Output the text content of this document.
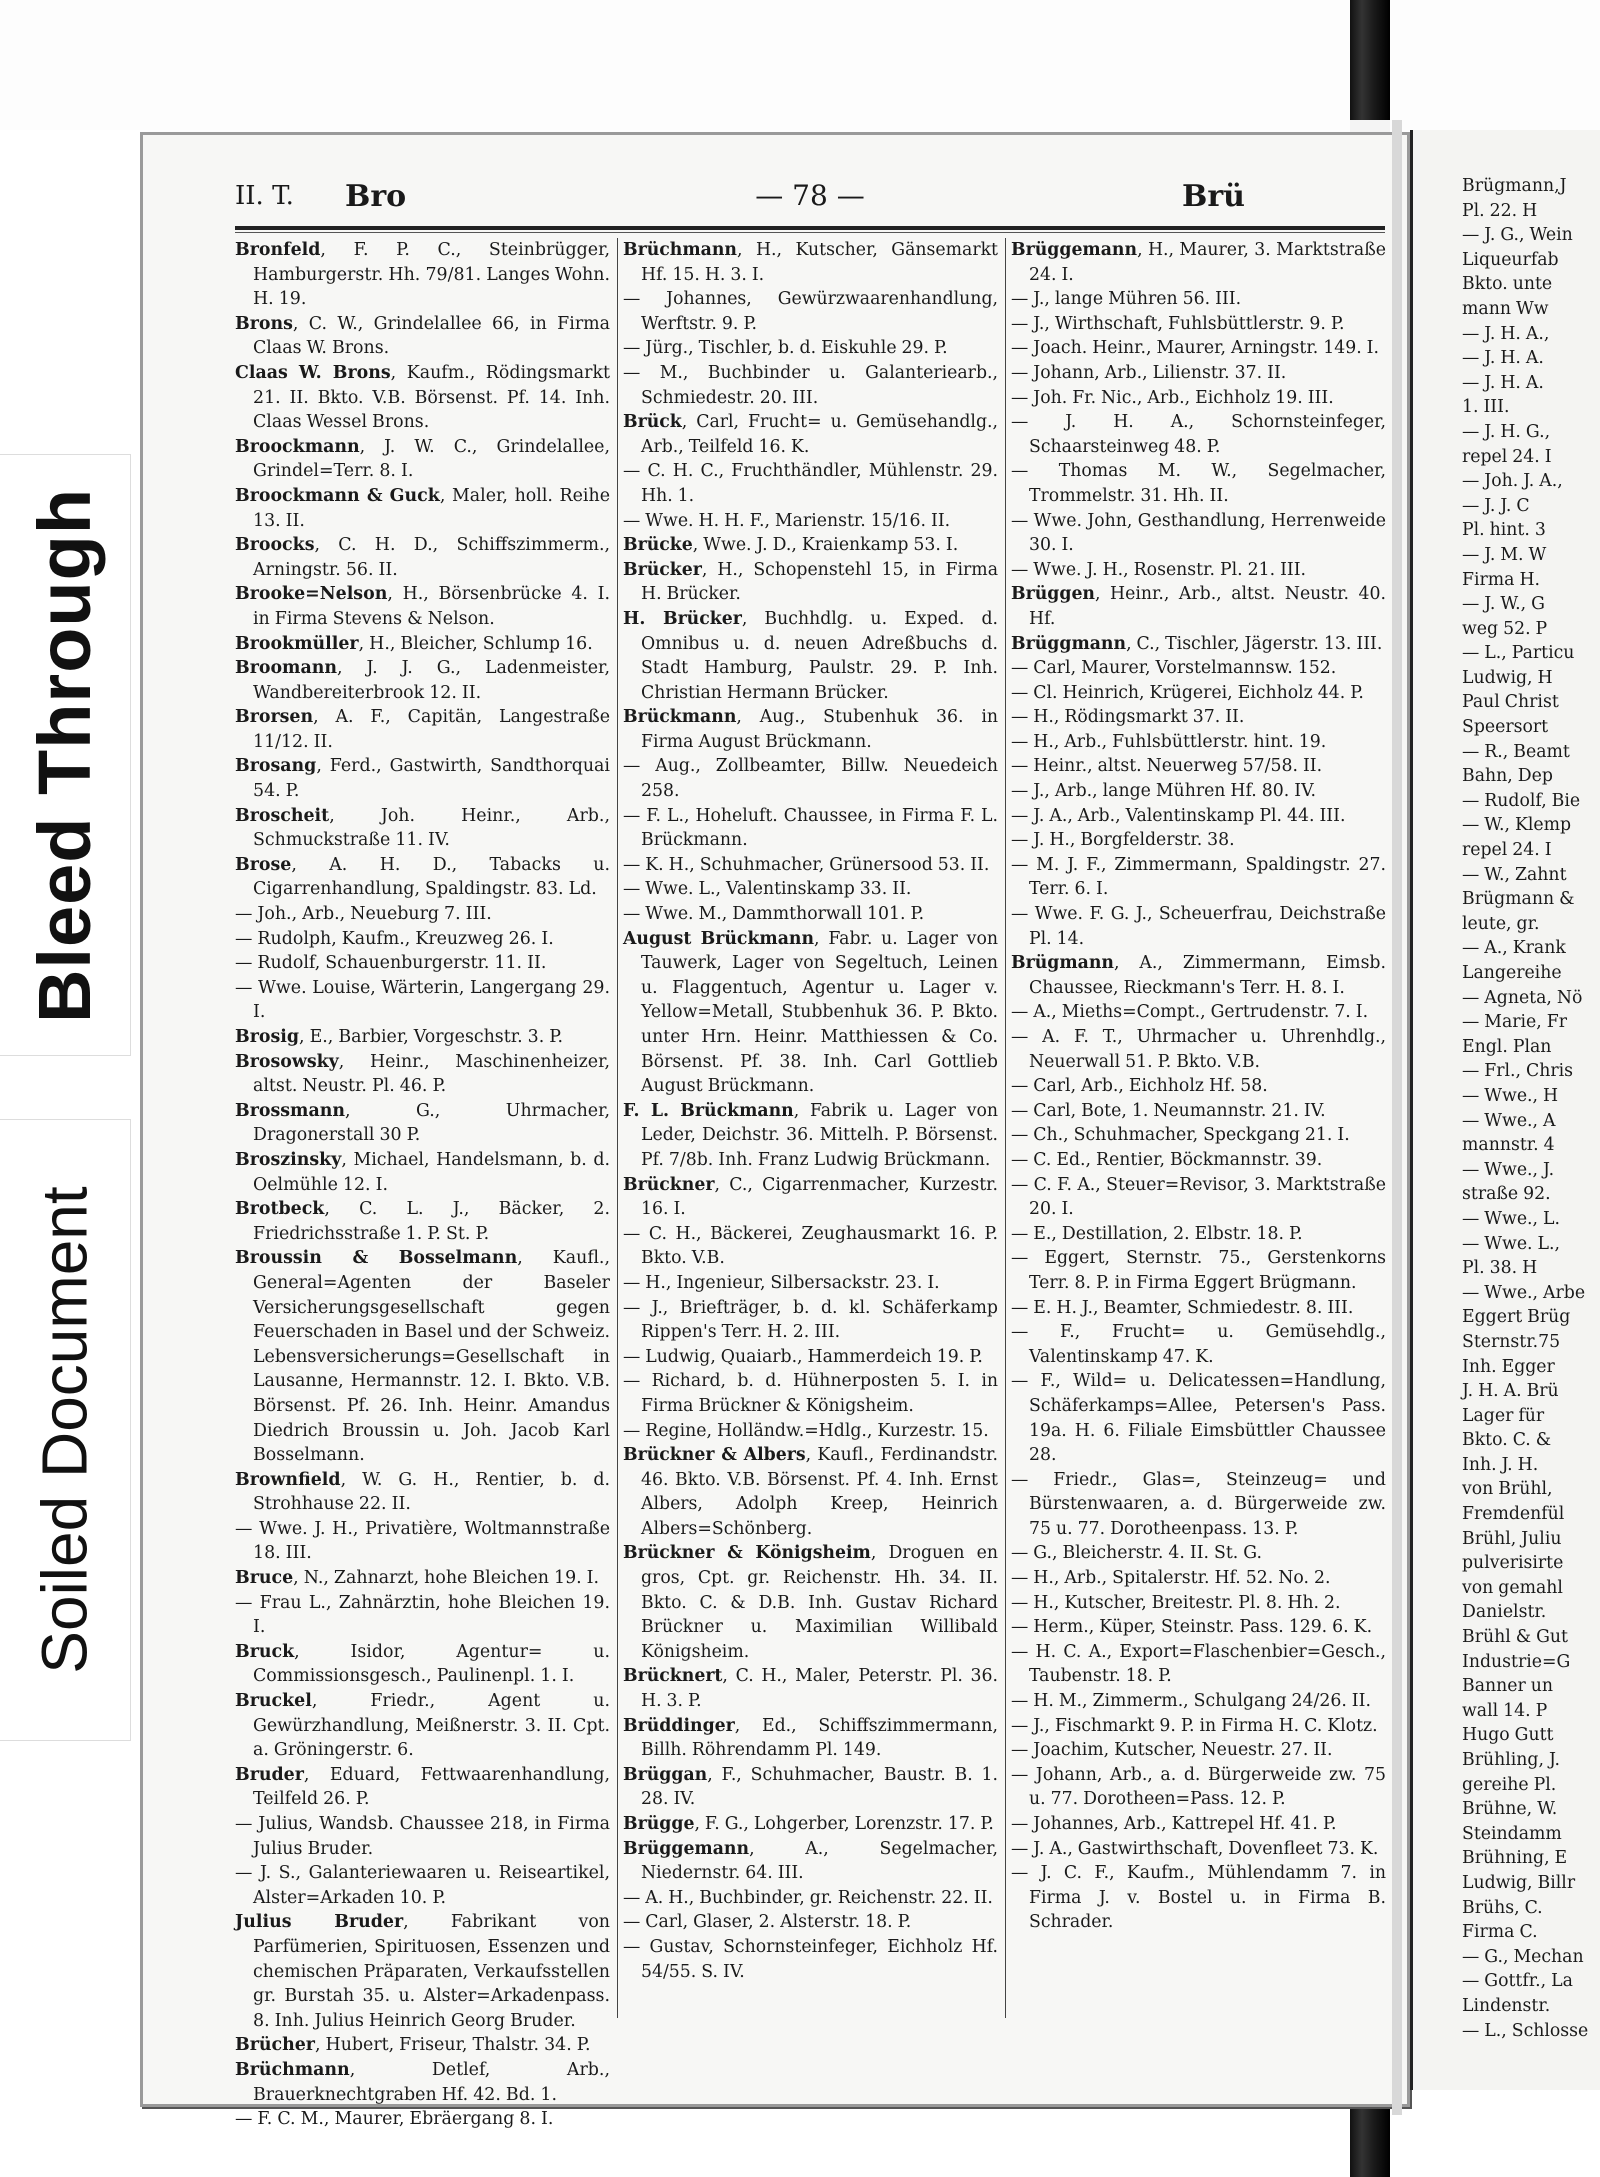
II. T. Bro	— 78 —	Brü

Bronfeld, F. P. C., Steinbrügger, Hamburgerstr. Hh. 79/81. Langes Wohn. H. 19.

Brons, C. W., Grindelallee 66, in Firma Claas W. Brons.

Claas W. Brons, Kaufm., Rödingsmarkt 21. II. Bkto. V.B. Börsenst. Pf. 14. Inh. Claas Wessel Brons.

Broockmann, J. W. C., Grindelallee, Grindel=Terr. 8. I.

Broockmann & Guck, Maler, holl. Reihe 13. II.

Broocks, C. H. D., Schiffszimmerm., Arningstr. 56. II.

Brooke=Nelson, H., Börsenbrücke 4. I. in Firma Stevens & Nelson.

Brookmüller, H., Bleicher, Schlump 16.

Broomann, J. J. G., Ladenmeister, Wandbereiterbrook 12. II.

Brorsen, A. F., Capitän, Langestraße 11/12. II.

Brosang, Ferd., Gastwirth, Sandthorquai 54. P.

Broscheit, Joh. Heinr., Arb., Schmuckstraße 11. IV.

Brose, A. H. D., Tabacks u. Cigarrenhandlung, Spaldingstr. 83. Ld.

— Joh., Arb., Neueburg 7. III.

— Rudolph, Kaufm., Kreuzweg 26. I.

— Rudolf, Schauenburgerstr. 11. II.

— Wwe. Louise, Wärterin, Langergang 29. I.

Brosig, E., Barbier, Vorgeschstr. 3. P.

Brosowsky, Heinr., Maschinenheizer, altst. Neustr. Pl. 46. P.

Brossmann, G., Uhrmacher, Dragonerstall 30 P.

Broszinsky, Michael, Handelsmann, b. d. Oelmühle 12. I.

Brotbeck, C. L. J., Bäcker, 2. Friedrichsstraße 1. P. St. P.

Broussin & Bosselmann, Kaufl., General=Agenten der Baseler Versicherungsgesellschaft gegen Feuerschaden in Basel und der Schweiz. Lebensversicherungs=Gesellschaft in Lausanne, Hermannstr. 12. I. Bkto. V.B. Börsenst. Pf. 26. Inh. Heinr. Amandus Diedrich Broussin u. Joh. Jacob Karl Bosselmann.

Brownfield, W. G. H., Rentier, b. d. Strohhause 22. II.

— Wwe. J. H., Privatière, Woltmannstraße 18. III.

Bruce, N., Zahnarzt, hohe Bleichen 19. I.

— Frau L., Zahnärztin, hohe Bleichen 19. I.

Bruck, Isidor, Agentur= u. Commissionsgesch., Paulinenpl. 1. I.

Bruckel, Friedr., Agent u. Gewürzhandlung, Meißnerstr. 3. II. Cpt. a. Gröningerstr. 6.

Bruder, Eduard, Fettwaarenhandlung, Teilfeld 26. P.

— Julius, Wandsb. Chaussee 218, in Firma Julius Bruder.

— J. S., Galanteriewaaren u. Reiseartikel, Alster=Arkaden 10. P.

Julius Bruder, Fabrikant von Parfümerien, Spirituosen, Essenzen und chemischen Präparaten, Verkaufsstellen gr. Burstah 35. u. Alster=Arkadenpass. 8. Inh. Julius Heinrich Georg Bruder.

Brücher, Hubert, Friseur, Thalstr. 34. P.

Brüchmann, Detlef, Arb., Brauerknechtgraben Hf. 42. Bd. 1.

— F. C. M., Maurer, Ebräergang 8. I.

Brüchmann, H., Kutscher, Gänsemarkt Hf. 15. H. 3. I.

— Johannes, Gewürzwaarenhandlung, Werftstr. 9. P.

— Jürg., Tischler, b. d. Eiskuhle 29. P.

— M., Buchbinder u. Galanteriearb., Schmiedestr. 20. III.

Brück, Carl, Frucht= u. Gemüsehandlg., Arb., Teilfeld 16. K.

— C. H. C., Fruchthändler, Mühlenstr. 29. Hh. 1.

— Wwe. H. H. F., Marienstr. 15/16. II.

Brücke, Wwe. J. D., Kraienkamp 53. I.

Brücker, H., Schopenstehl 15, in Firma H. Brücker.

H. Brücker, Buchhdlg. u. Exped. d. Omnibus u. d. neuen Adreßbuchs d. Stadt Hamburg, Paulstr. 29. P. Inh. Christian Hermann Brücker.

Brückmann, Aug., Stubenhuk 36. in Firma August Brückmann.

— Aug., Zollbeamter, Billw. Neuedeich 258.

— F. L., Hoheluft. Chaussee, in Firma F. L. Brückmann.

— K. H., Schuhmacher, Grünersood 53. II.

— Wwe. L., Valentinskamp 33. II.

— Wwe. M., Dammthorwall 101. P.

August Brückmann, Fabr. u. Lager von Tauwerk, Lager von Segeltuch, Leinen u. Flaggentuch, Agentur u. Lager v. Yellow=Metall, Stubbenhuk 36. P. Bkto. unter Hrn. Heinr. Matthiessen & Co. Börsenst. Pf. 38. Inh. Carl Gottlieb August Brückmann.

F. L. Brückmann, Fabrik u. Lager von Leder, Deichstr. 36. Mittelh. P. Börsenst. Pf. 7/8b. Inh. Franz Ludwig Brückmann.

Brückner, C., Cigarrenmacher, Kurzestr. 16. I.

— C. H., Bäckerei, Zeughausmarkt 16. P. Bkto. V.B.

— H., Ingenieur, Silbersackstr. 23. I.

— J., Briefträger, b. d. kl. Schäferkamp Rippen's Terr. H. 2. III.

— Ludwig, Quaiarb., Hammerdeich 19. P.

— Richard, b. d. Hühnerposten 5. I. in Firma Brückner & Königsheim.

— Regine, Holländw.=Hdlg., Kurzestr. 15.

Brückner & Albers, Kaufl., Ferdinandstr. 46. Bkto. V.B. Börsenst. Pf. 4. Inh. Ernst Albers, Adolph Kreep, Heinrich Albers=Schönberg.

Brückner & Königsheim, Droguen en gros, Cpt. gr. Reichenstr. Hh. 34. II. Bkto. C. & D.B. Inh. Gustav Richard Brückner u. Maximilian Willibald Königsheim.

Brücknert, C. H., Maler, Peterstr. Pl. 36. H. 3. P.

Brüddinger, Ed., Schiffszimmermann, Billh. Röhrendamm Pl. 149.

Brüggan, F., Schuhmacher, Baustr. B. 1. 28. IV.

Brügge, F. G., Lohgerber, Lorenzstr. 17. P.

Brüggemann, A., Segelmacher, Niedernstr. 64. III.

— A. H., Buchbinder, gr. Reichenstr. 22. II.

— Carl, Glaser, 2. Alsterstr. 18. P.

— Gustav, Schornsteinfeger, Eichholz Hf. 54/55. S. IV.

Brüggemann, H., Maurer, 3. Marktstraße 24. I.

— J., lange Mühren 56. III.

— J., Wirthschaft, Fuhlsbüttlerstr. 9. P.

— Joach. Heinr., Maurer, Arningstr. 149. I.

— Johann, Arb., Lilienstr. 37. II.

— Joh. Fr. Nic., Arb., Eichholz 19. III.

— J. H. A., Schornsteinfeger, Schaarsteinweg 48. P.

— Thomas M. W., Segelmacher, Trommelstr. 31. Hh. II.

— Wwe. John, Gesthandlung, Herrenweide 30. I.

— Wwe. J. H., Rosenstr. Pl. 21. III.

Brüggen, Heinr., Arb., altst. Neustr. 40. Hf.

Brüggmann, C., Tischler, Jägerstr. 13. III.

— Carl, Maurer, Vorstelmannsw. 152.

— Cl. Heinrich, Krügerei, Eichholz 44. P.

— H., Rödingsmarkt 37. II.

— H., Arb., Fuhlsbüttlerstr. hint. 19.

— Heinr., altst. Neuerweg 57/58. II.

— J., Arb., lange Mühren Hf. 80. IV.

— J. A., Arb., Valentinskamp Pl. 44. III.

— J. H., Borgfelderstr. 38.

— M. J. F., Zimmermann, Spaldingstr. 27. Terr. 6. I.

— Wwe. F. G. J., Scheuerfrau, Deichstraße Pl. 14.

Brügmann, A., Zimmermann, Eimsb. Chaussee, Rieckmann's Terr. H. 8. I.

— A., Mieths=Compt., Gertrudenstr. 7. I.

— A. F. T., Uhrmacher u. Uhrenhdlg., Neuerwall 51. P. Bkto. V.B.

— Carl, Arb., Eichholz Hf. 58.

— Carl, Bote, 1. Neumannstr. 21. IV.

— Ch., Schuhmacher, Speckgang 21. I.

— C. Ed., Rentier, Böckmannstr. 39.

— C. F. A., Steuer=Revisor, 3. Marktstraße 20. I.

— E., Destillation, 2. Elbstr. 18. P.

— Eggert, Sternstr. 75., Gerstenkorns Terr. 8. P. in Firma Eggert Brügmann.

— E. H. J., Beamter, Schmiedestr. 8. III.

— F., Frucht= u. Gemüsehdlg., Valentinskamp 47. K.

— F., Wild= u. Delicatessen=Handlung, Schäferkamps=Allee, Petersen's Pass. 19a. H. 6. Filiale Eimsbüttler Chaussee 28.

— Friedr., Glas=, Steinzeug= und Bürstenwaaren, a. d. Bürgerweide zw. 75 u. 77. Dorotheenpass. 13. P.

— G., Bleicherstr. 4. II. St. G.

— H., Arb., Spitalerstr. Hf. 52. No. 2.

— H., Kutscher, Breitestr. Pl. 8. Hh. 2.

— Herm., Küper, Steinstr. Pass. 129. 6. K.

— H. C. A., Export=Flaschenbier=Gesch., Taubenstr. 18. P.

— H. M., Zimmerm., Schulgang 24/26. II.

— J., Fischmarkt 9. P. in Firma H. C. Klotz.

— Joachim, Kutscher, Neuestr. 27. II.

— Johann, Arb., a. d. Bürgerweide zw. 75 u. 77. Dorotheen=Pass. 12. P.

— Johannes, Arb., Kattrepel Hf. 41. P.

— J. A., Gastwirthschaft, Dovenfleet 73. K.

— J. C. F., Kaufm., Mühlendamm 7. in Firma J. v. Bostel u. in Firma B. Schrader.

Brügmann,J

Pl. 22. H

— J. G., Wein

Liqueurfab

Bkto. unte

mann Ww

— J. H. A.,

— J. H. A.

— J. H. A.

1. III.

— J. H. G.,

repel 24. I

— Joh. J. A.,

— J. J. C

Pl. hint. 3

— J. M. W

Firma H.

— J. W., G

weg 52. P

— L., Particu

Ludwig, H

Paul Christ

Speersort

— R., Beamt

Bahn, Dep

— Rudolf, Bie

— W., Klemp

repel 24. I

— W., Zahnt

Brügmann &

leute, gr.

— A., Krank

Langereihe

— Agneta, Nö

— Marie, Fr

Engl. Plan

— Frl., Chris

— Wwe., H

— Wwe., A

mannstr. 4

— Wwe., J.

straße 92.

— Wwe., L.

— Wwe. L.,

Pl. 38. H

— Wwe., Arbe

Eggert Brüg

Sternstr.75

Inh. Egger

J. H. A. Brü

Lager für

Bkto. C. &

Inh. J. H.

von Brühl,

Fremdenfül

Brühl, Juliu

pulverisirte

von gemahl

Danielstr.

Brühl & Gut

Industrie=G

Banner un

wall 14. P

Hugo Gutt

Brühling, J.

gereihe Pl.

Brühne, W.

Steindamm

Brühning, E

Ludwig, Billr

Brühs, C.

Firma C.

— G., Mechan

— Gottfr., La

Lindenstr.

— L., Schlosse

Bleed Through
Soiled Document
